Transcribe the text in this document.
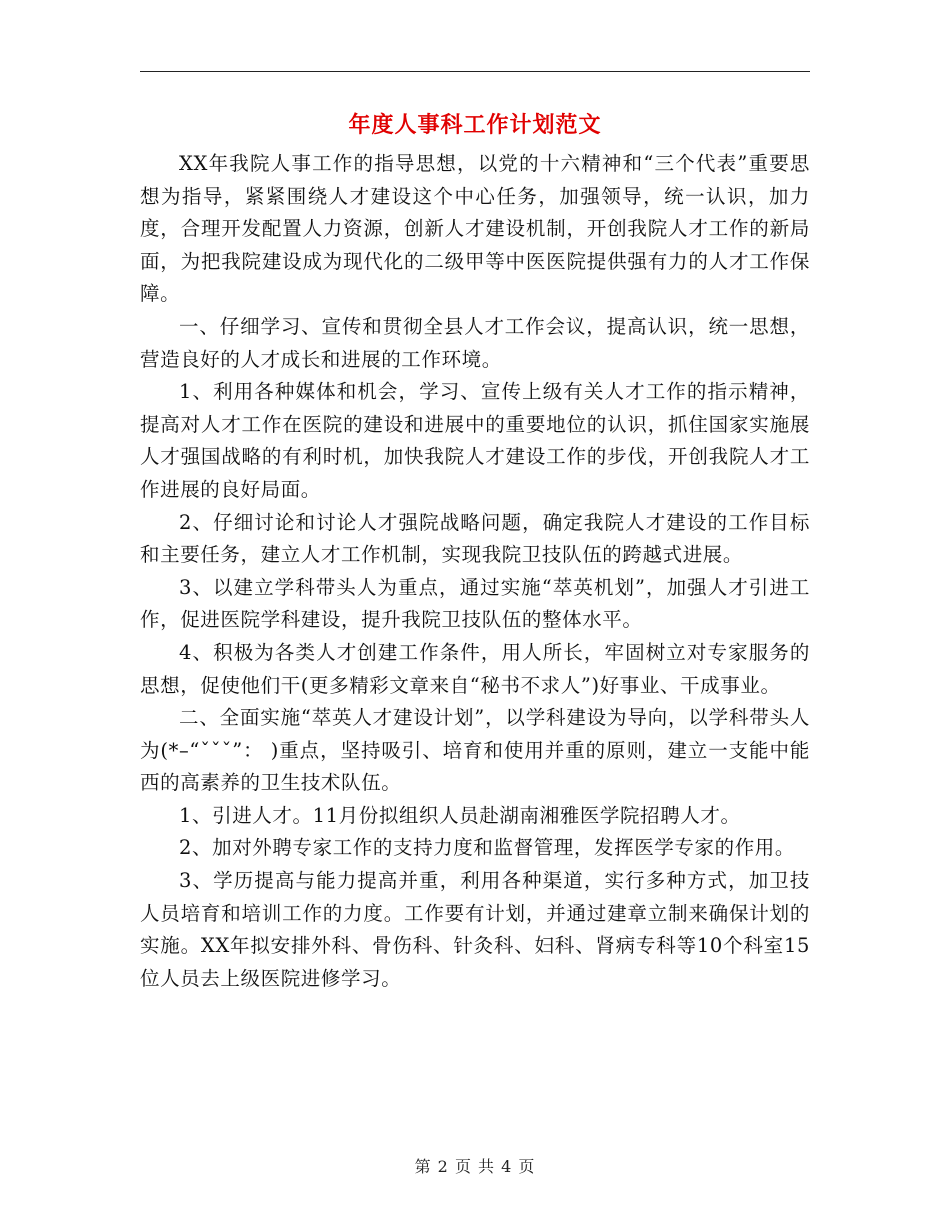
年度人事科工作计划范文

XX年我院人事工作的指导思想，以党的十六精神和“三个代表”重要思想为指导，紧紧围绕人才建设这个中心任务，加强领导，统一认识，加力度，合理开发配置人力资源，创新人才建设机制，开创我院人才工作的新局面，为把我院建设成为现代化的二级甲等中医医院提供强有力的人才工作保障。

一、仔细学习、宣传和贯彻全县人才工作会议，提高认识，统一思想，营造良好的人才成长和进展的工作环境。

1、利用各种媒体和机会，学习、宣传上级有关人才工作的指示精神，提高对人才工作在医院的建设和进展中的重要地位的认识，抓住国家实施展人才强国战略的有利时机，加快我院人才建设工作的步伐，开创我院人才工作进展的良好局面。

2、仔细讨论和讨论人才强院战略问题，确定我院人才建设的工作目标和主要任务，建立人才工作机制，实现我院卫技队伍的跨越式进展。

3、以建立学科带头人为重点，通过实施“萃英机划”，加强人才引进工作，促进医院学科建设，提升我院卫技队伍的整体水平。

4、积极为各类人才创建工作条件，用人所长，牢固树立对专家服务的思想，促使他们干(更多精彩文章来自“秘书不求人”)好事业、干成事业。

二、全面实施“萃英人才建设计划”，以学科建设为导向，以学科带头人为(*–“ˇˇˇ”： )重点，坚持吸引、培育和使用并重的原则，建立一支能中能西的高素养的卫生技术队伍。

1、引进人才。11月份拟组织人员赴湖南湘雅医学院招聘人才。

2、加对外聘专家工作的支持力度和监督管理，发挥医学专家的作用。

3、学历提高与能力提高并重，利用各种渠道，实行多种方式，加卫技人员培育和培训工作的力度。工作要有计划，并通过建章立制来确保计划的实施。XX年拟安排外科、骨伤科、针灸科、妇科、肾病专科等10个科室15位人员去上级医院进修学习。

第 2 页 共 4 页
